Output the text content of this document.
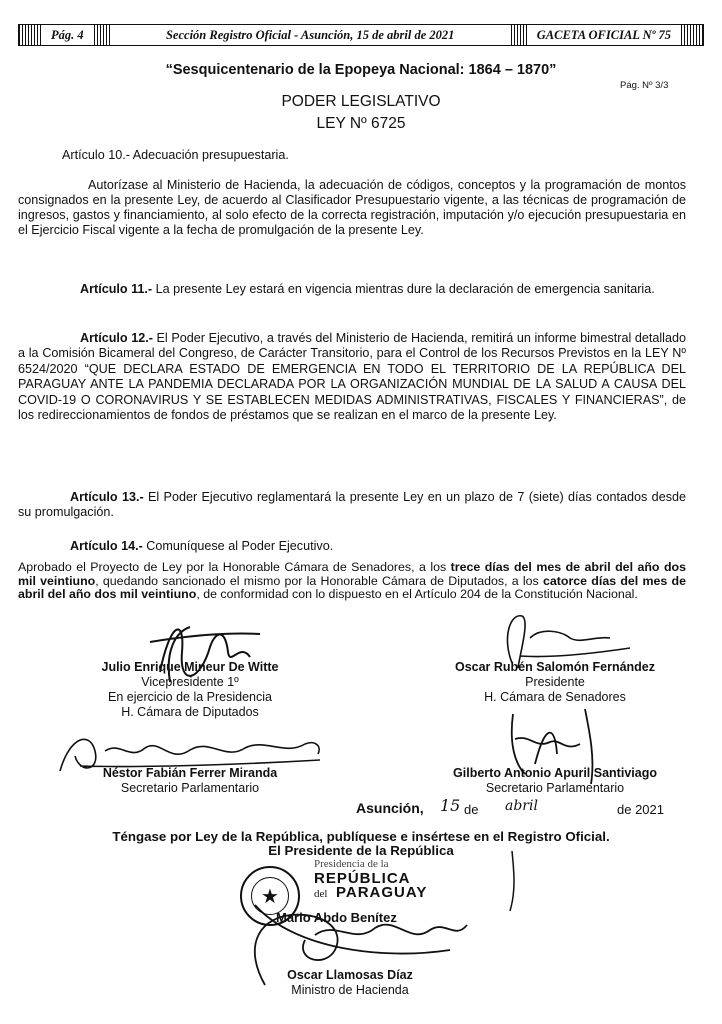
Pág. 4	Sección Registro Oficial - Asunción, 15 de abril de 2021	GACETA OFICIAL Nº 75
“Sesquicentenario de la Epopeya Nacional: 1864 – 1870”
Pág. Nº 3/3
PODER LEGISLATIVO
LEY Nº 6725
Artículo 10.- Adecuación presupuestaria.
Autorízase al Ministerio de Hacienda, la adecuación de códigos, conceptos y la programación de montos consignados en la presente Ley, de acuerdo al Clasificador Presupuestario vigente, a las técnicas de programación de ingresos, gastos y financiamiento, al solo efecto de la correcta registración, imputación y/o ejecución presupuestaria en el Ejercicio Fiscal vigente a la fecha de promulgación de la presente Ley.
Artículo 11.- La presente Ley estará en vigencia mientras dure la declaración de emergencia sanitaria.
Artículo 12.- El Poder Ejecutivo, a través del Ministerio de Hacienda, remitirá un informe bimestral detallado a la Comisión Bicameral del Congreso, de Carácter Transitorio, para el Control de los Recursos Previstos en la LEY Nº 6524/2020 “QUE DECLARA ESTADO DE EMERGENCIA EN TODO EL TERRITORIO DE LA REPÚBLICA DEL PARAGUAY ANTE LA PANDEMIA DECLARADA POR LA ORGANIZACIÓN MUNDIAL DE LA SALUD A CAUSA DEL COVID-19 O CORONAVIRUS Y SE ESTABLECEN MEDIDAS ADMINISTRATIVAS, FISCALES Y FINANCIERAS”, de los redireccionamientos de fondos de préstamos que se realizan en el marco de la presente Ley.
Artículo 13.- El Poder Ejecutivo reglamentará la presente Ley en un plazo de 7 (siete) días contados desde su promulgación.
Artículo 14.- Comuníquese al Poder Ejecutivo.
Aprobado el Proyecto de Ley por la Honorable Cámara de Senadores, a los trece días del mes de abril del año dos mil veintiuno, quedando sancionado el mismo por la Honorable Cámara de Diputados, a los catorce días del mes de abril del año dos mil veintiuno, de conformidad con lo dispuesto en el Artículo 204 de la Constitución Nacional.
Julio Enrique Mineur De Witte
Vicepresidente 1º
En ejercicio de la Presidencia
H. Cámara de Diputados
Oscar Rubén Salomón Fernández
Presidente
H. Cámara de Senadores
Néstor Fabián Ferrer Miranda
Secretario Parlamentario
Gilberto Antonio Apuril Santiviago
Secretario Parlamentario
Asunción, 15 de abril	de 2021
Téngase por Ley de la República, publíquese e insértese en el Registro Oficial.
El Presidente de la República
★
Presidencia de la
REPÚBLICA
del PARAGUAY
Mario Abdo Benítez
Oscar Llamosas Díaz
Ministro de Hacienda
